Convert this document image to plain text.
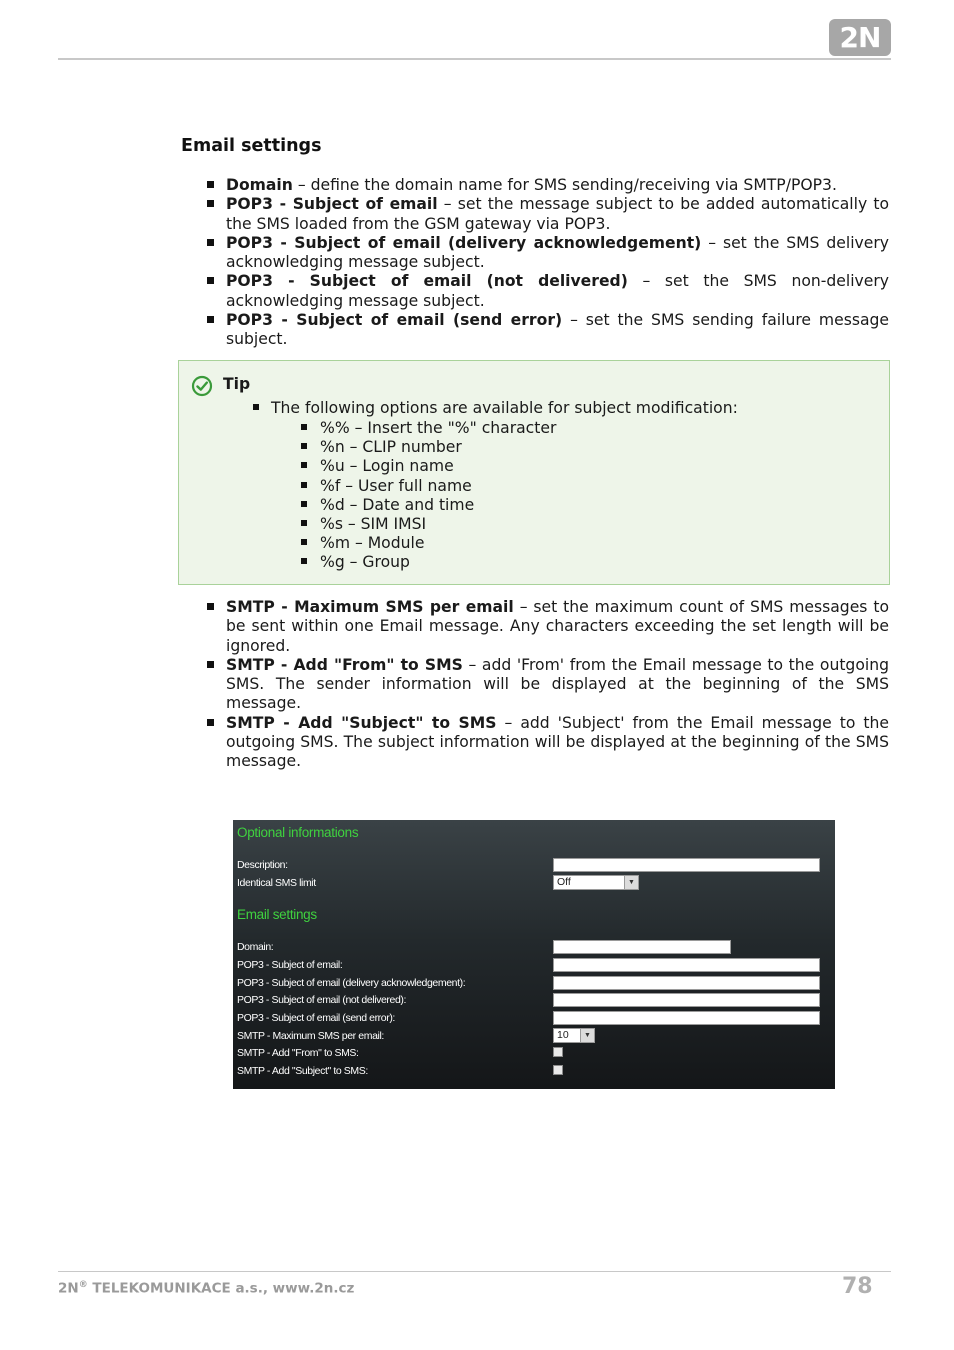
2N
Email settings
Domain – define the domain name for SMS sending/receiving via SMTP/POP3.
POP3 - Subject of email – set the message subject to be added automatically to the SMS loaded from the GSM gateway via POP3.
POP3 - Subject of email (delivery acknowledgement) – set the SMS delivery acknowledging message subject.
POP3 - Subject of email (not delivered) – set the SMS non-delivery acknowledging message subject.
POP3 - Subject of email (send error) – set the SMS sending failure message subject.
Tip
The following options are available for subject modification:
%% – Insert the "%" character
%n – CLIP number
%u – Login name
%f – User full name
%d – Date and time
%s – SIM IMSI
%m – Module
%g – Group
SMTP - Maximum SMS per email – set the maximum count of SMS messages to be sent within one Email message. Any characters exceeding the set length will be ignored.
SMTP - Add "From" to SMS – add 'From' from the Email message to the outgoing SMS. The sender information will be displayed at the beginning of the SMS message.
SMTP - Add "Subject" to SMS – add 'Subject' from the Email message to the outgoing SMS. The subject information will be displayed at the beginning of the SMS message.
Optional informations
Description:
Identical SMS limit	Off	▼
Email settings
Domain:
POP3 - Subject of email:
POP3 - Subject of email (delivery acknowledgement):
POP3 - Subject of email (not delivered):
POP3 - Subject of email (send error):
SMTP - Maximum SMS per email:	10	▼
SMTP - Add "From" to SMS:
SMTP - Add "Subject" to SMS:
2N® TELEKOMUNIKACE a.s., www.2n.cz	78
